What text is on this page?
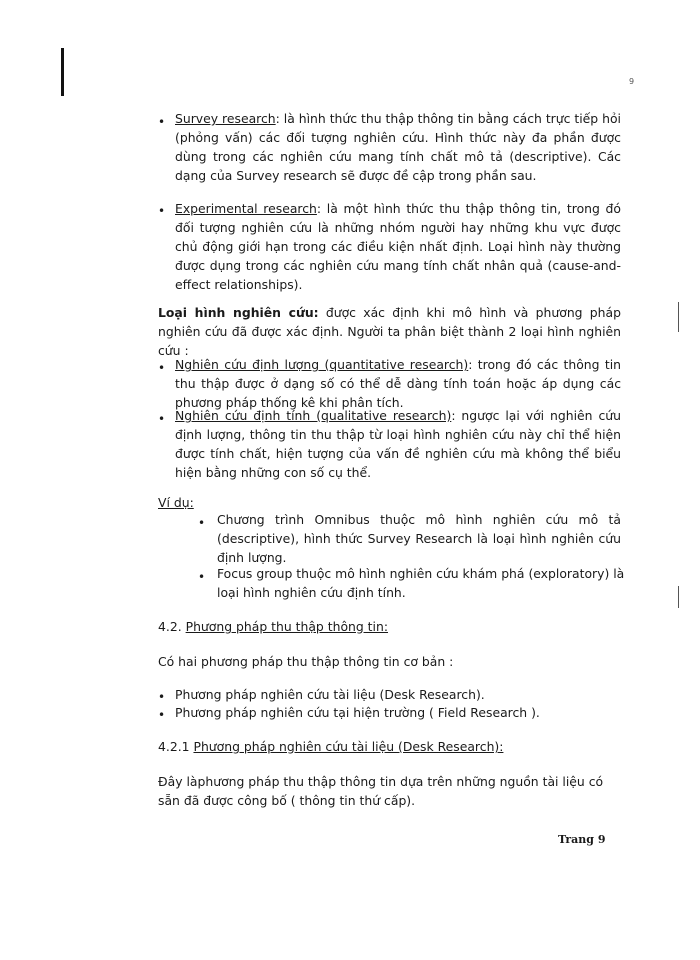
9
• Survey research: là hình thức thu thập thông tin bằng cách trực tiếp hỏi (phỏng vấn) các đối tượng nghiên cứu. Hình thức này đa phần được dùng trong các nghiên cứu mang tính chất mô tả (descriptive). Các dạng của Survey research sẽ được đề cập trong phần sau.
• Experimental research: là một hình thức thu thập thông tin, trong đó đối tượng nghiên cứu là những nhóm người hay những khu vực được chủ động giới hạn trong các điều kiện nhất định. Loại hình này thường được dụng trong các nghiên cứu mang tính chất nhân quả (cause-and-effect relationships).
Loại hình nghiên cứu: được xác định khi mô hình và phương pháp nghiên cứu đã được xác định. Người ta phân biệt thành 2 loại hình nghiên cứu :
• Nghiên cứu định lượng (quantitative research): trong đó các thông tin thu thập được ở dạng số có thể dễ dàng tính toán hoặc áp dụng các phương pháp thống kê khi phân tích.
• Nghiên cứu định tính (qualitative research): ngược lại với nghiên cứu định lượng, thông tin thu thập từ loại hình nghiên cứu này chỉ thể hiện được tính chất, hiện tượng của vấn đề nghiên cứu mà không thể biểu hiện bằng những con số cụ thể.
Ví dụ:
• Chương trình Omnibus thuộc mô hình nghiên cứu mô tả (descriptive), hình thức Survey Research là loại hình nghiên cứu định lượng.
• Focus group thuộc mô hình nghiên cứu khám phá (exploratory) là loại hình nghiên cứu định tính.
4.2. Phương pháp thu thập thông tin:
Có hai phương pháp thu thập thông tin cơ bản :
• Phương pháp nghiên cứu tài liệu (Desk Research).
• Phương pháp nghiên cứu tại hiện trường ( Field Research ).
4.2.1 Phương pháp nghiên cứu tài liệu (Desk Research):
Đây làphương pháp thu thập thông tin dựa trên những nguồn tài liệu có sẵn đã được công bố ( thông tin thứ cấp).
Trang 9
